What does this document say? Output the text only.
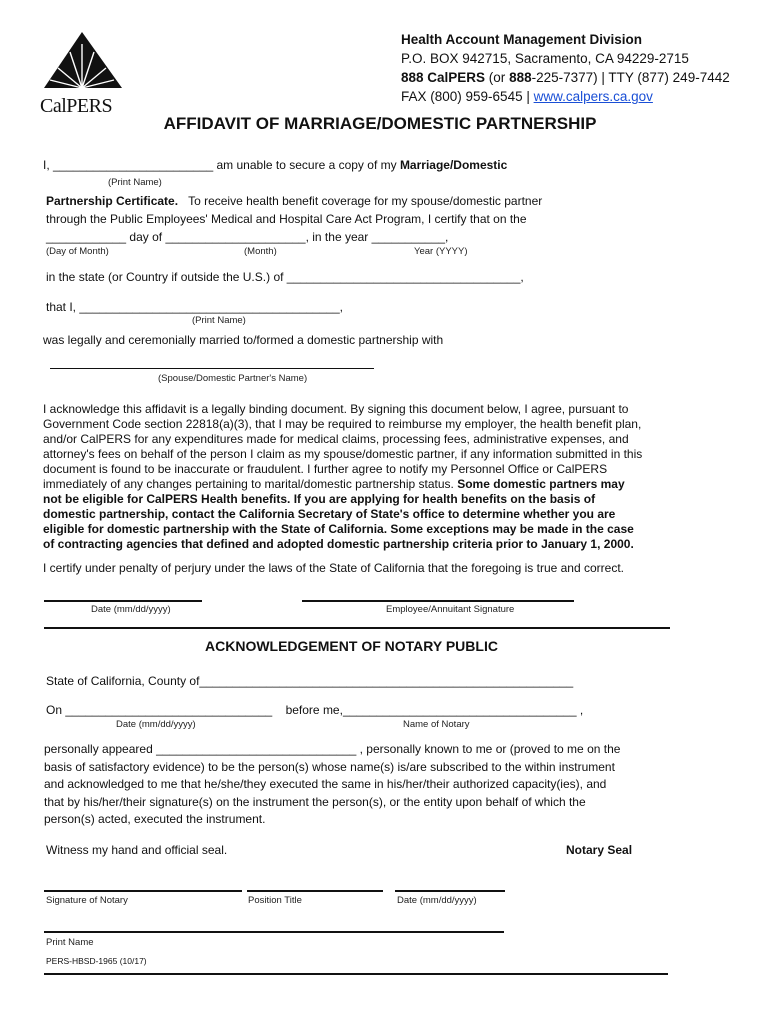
CalPERS
Health Account Management Division
P.O. BOX 942715, Sacramento, CA 94229-2715
888 CalPERS (or 888-225-7377) | TTY (877) 249-7442
FAX (800) 959-6545 | www.calpers.ca.gov
AFFIDAVIT OF MARRIAGE/DOMESTIC PARTNERSHIP
I, ________________________ am unable to secure a copy of my Marriage/Domestic
(Print Name)
Partnership Certificate. To receive health benefit coverage for my spouse/domestic partner
through the Public Employees' Medical and Hospital Care Act Program, I certify that on the
____________ day of _____________________, in the year ___________,
(Day of Month)	(Month)	Year (YYYY)
in the state (or Country if outside the U.S.) of ___________________________________,
that I, _______________________________________,
(Print Name)
was legally and ceremonially married to/formed a domestic partnership with
(Spouse/Domestic Partner's Name)
I acknowledge this affidavit is a legally binding document. By signing this document below, I agree, pursuant to
Government Code section 22818(a)(3), that I may be required to reimburse my employer, the health benefit plan,
and/or CalPERS for any expenditures made for medical claims, processing fees, administrative expenses, and
attorney's fees on behalf of the person I claim as my spouse/domestic partner, if any information submitted in this
document is found to be inaccurate or fraudulent. I further agree to notify my Personnel Office or CalPERS
immediately of any changes pertaining to marital/domestic partnership status. Some domestic partners may
not be eligible for CalPERS Health benefits. If you are applying for health benefits on the basis of
domestic partnership, contact the California Secretary of State's office to determine whether you are
eligible for domestic partnership with the State of California. Some exceptions may be made in the case
of contracting agencies that defined and adopted domestic partnership criteria prior to January 1, 2000.
I certify under penalty of perjury under the laws of the State of California that the foregoing is true and correct.
Date (mm/dd/yyyy)	Employee/Annuitant Signature
ACKNOWLEDGEMENT OF NOTARY PUBLIC
State of California, County of________________________________________________________
On _______________________________ before me,___________________________________ ,
Date (mm/dd/yyyy)	Name of Notary
personally appeared ______________________________ , personally known to me or (proved to me on the
basis of satisfactory evidence) to be the person(s) whose name(s) is/are subscribed to the within instrument
and acknowledged to me that he/she/they executed the same in his/her/their authorized capacity(ies), and
that by his/her/their signature(s) on the instrument the person(s), or the entity upon behalf of which the
person(s) acted, executed the instrument.
Witness my hand and official seal.	Notary Seal
Signature of Notary	Position Title	Date (mm/dd/yyyy)
Print Name
PERS-HBSD-1965 (10/17)
